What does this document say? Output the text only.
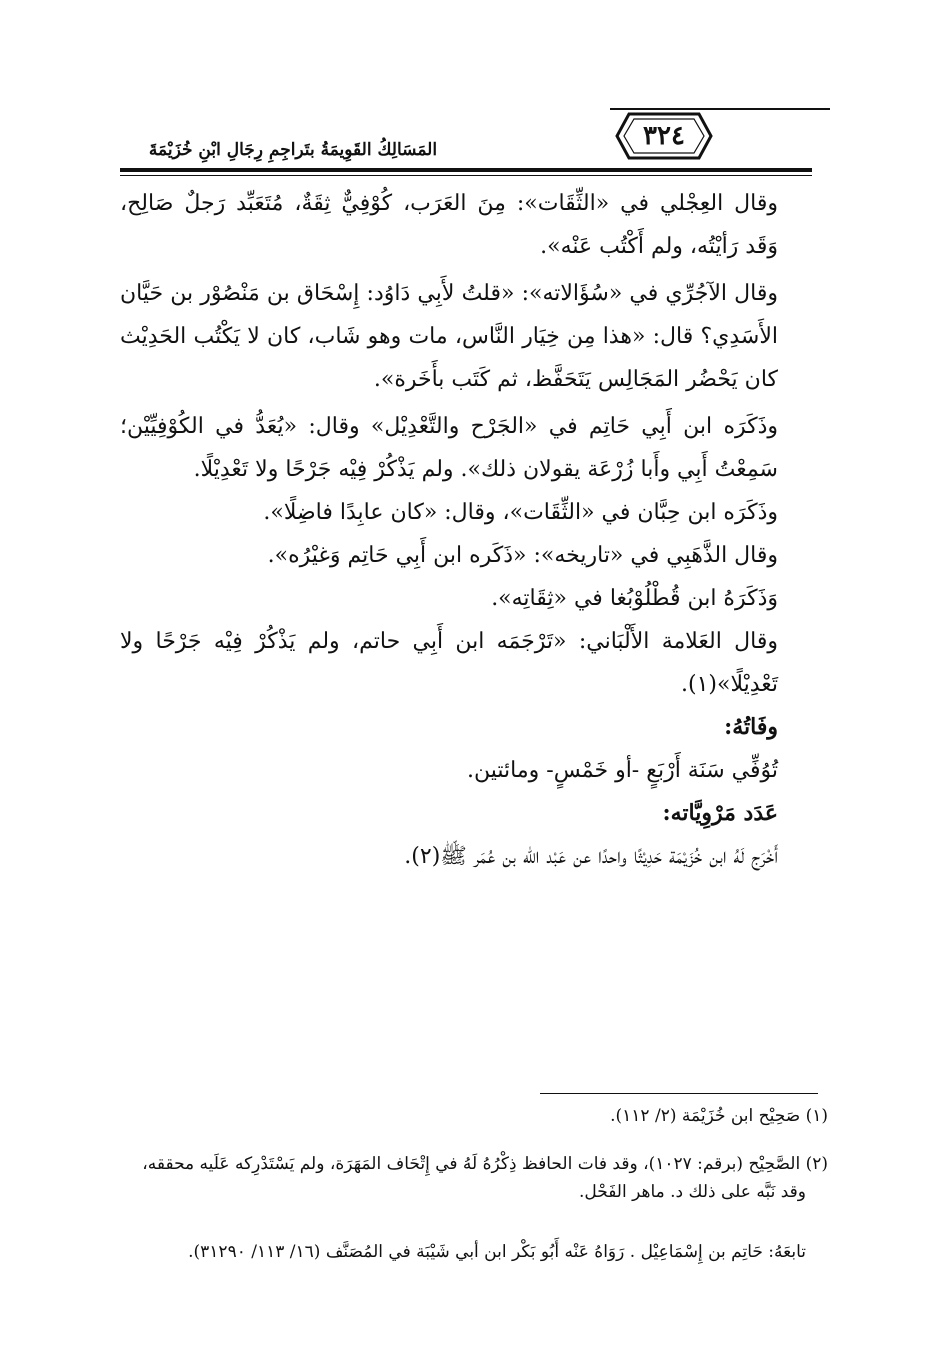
٣٢٤
المَسَالِكُ القَوِيمَةُ بتَراجِمِ رِجَالِ ابْنِ خُزَيْمَةَ

وقال العِجْلي في «الثِّقَات»: مِنَ العَرَب، كُوْفِيٌّ ثِقَةٌ، مُتَعَبِّد رَجلٌ صَالِح، وَقَد رَأيْتُه، ولم أَكْتُب عَنْه».

وقال الآجُرِّي في «سُؤَالاته»: «قلتُ لأَبِي دَاوُد: إِسْحَاق بن مَنْصُوْر بن حَيَّان الأَسَدِي؟ قال: «هذا مِن خِيَار النَّاس، مات وهو شَاب، كان لا يَكْتُب الحَدِيْث كان يَحْضُر المَجَالِس يَتَحَفَّظ، ثم كَتَب بأَخَرة».

وذَكَرَه ابن أَبِي حَاتِم في «الجَرْح والتَّعْدِيْل» وقال: «يُعَدُّ في الكُوْفِيِّيْن؛ سَمِعْتُ أَبِي وأَبا زُرْعَة يقولان ذلك». ولم يَذْكُرْ فِيْه جَرْحًا ولا تَعْدِيْلًا.

وذَكَرَه ابن حِبَّان في «الثِّقَات»، وقال: «كان عابِدًا فاضِلًا».

وقال الذَّهَبِي في «تاريخه»: «ذَكَره ابن أَبِي حَاتِم وَغيْرُه».

وَذَكَرَهُ ابن قُطْلُوْبُغا في «ثِقَاتِه».

وقال العَلامة الأَلْبَاني: «تَرْجَمَه ابن أَبِي حاتم، ولم يَذْكُرْ فِيْه جَرْحًا ولا تَعْدِيْلًا»(١).

وفَاتُهُ:

تُوُفِّي سَنَة أَرْبَعٍ -أو خَمْسٍ- ومائتين.

عَدَد مَرْوِيَّاته:

أَخْرَج لَهُ ابن خُزَيْمَة حَدِيْثًا واحدًا عن عَبْد الله بن عُمَر ﷺ(٢).

(١) صَحِيْح ابن خُزَيْمَة (٢/ ١١٢).

(٢) الصَّحِيْح (برقم: ١٠٢٧)، وقد فات الحافظ ذِكْرُهُ لَهُ في إِتْحَاف المَهَرَة، ولم يَسْتَدْرِكه عَلَيه محققه،

وقد نَبَّه على ذلك د. ماهر الفَحْل.

تابعَهُ: حَاتِم بن إِسْمَاعِيْل . رَوَاهُ عَنْه أَبُو بَكْر ابن أبي شَيْبَة في المُصَنَّف (١٦/ ١١٣/ ٣١٢٩٠).
